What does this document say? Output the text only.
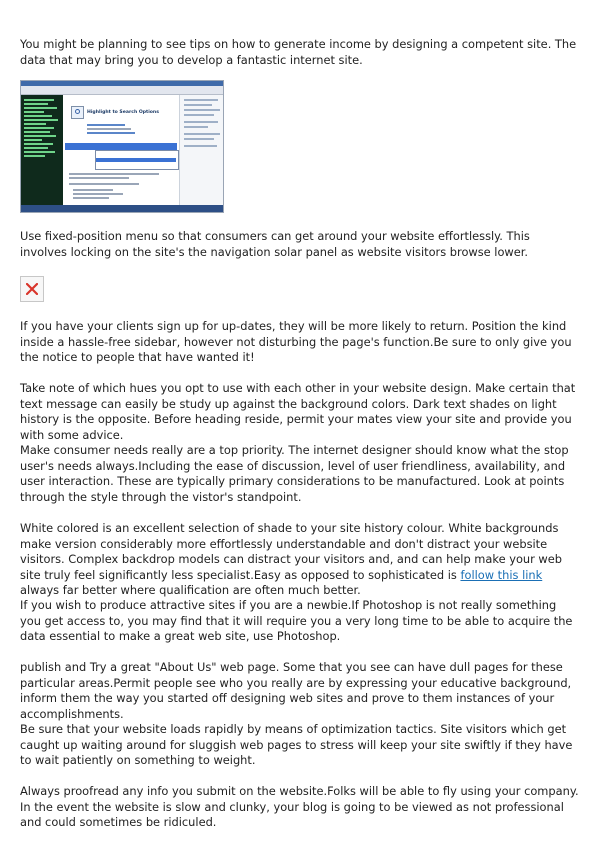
You might be planning to see tips on how to generate income by designing a competent site. The data that may bring you to develop a fantastic internet site.

Highlight to Search Options

Use fixed-position menu so that consumers can get around your website effortlessly. This involves locking on the site's the navigation solar panel as website visitors browse lower.

If you have your clients sign up for up-dates, they will be more likely to return. Position the kind inside a hassle-free sidebar, however not disturbing the page's function.Be sure to only give you the notice to people that have wanted it!

Take note of which hues you opt to use with each other in your website design. Make certain that text message can easily be study up against the background colors. Dark text shades on light history is the opposite. Before heading reside, permit your mates view your site and provide you with some advice.

Make consumer needs really are a top priority. The internet designer should know what the stop user's needs always.Including the ease of discussion, level of user friendliness, availability, and user interaction. These are typically primary considerations to be manufactured. Look at points through the style through the vistor's standpoint.

White colored is an excellent selection of shade to your site history colour. White backgrounds make version considerably more effortlessly understandable and don't distract your website visitors. Complex backdrop models can distract your visitors and, and can help make your web site truly feel significantly less specialist.Easy as opposed to sophisticated is follow this link always far better where qualification are often much better.

If you wish to produce attractive sites if you are a newbie.If Photoshop is not really something you get access to, you may find that it will require you a very long time to be able to acquire the data essential to make a great web site, use Photoshop.

publish and Try a great "About Us" web page. Some that you see can have dull pages for these particular areas.Permit people see who you really are by expressing your educative background, inform them the way you started off designing web sites and prove to them instances of your accomplishments.

Be sure that your website loads rapidly by means of optimization tactics. Site visitors which get caught up waiting around for sluggish web pages to stress will keep your site swiftly if they have to wait patiently on something to weight.

Always proofread any info you submit on the website.Folks will be able to fly using your company. In the event the website is slow and clunky, your blog is going to be viewed as not professional and could sometimes be ridiculed.
